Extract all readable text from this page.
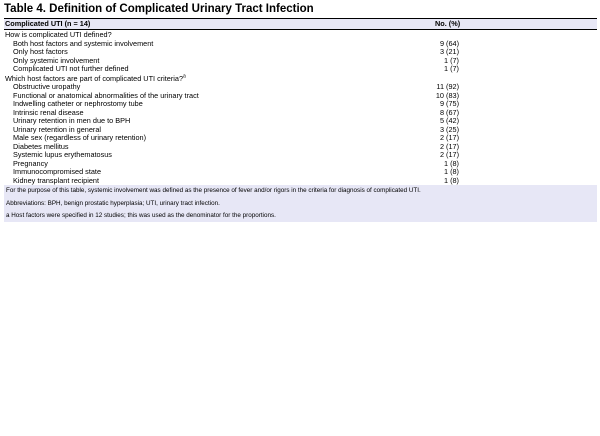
Table 4. Definition of Complicated Urinary Tract Infection
Complicated UTI (n = 14)	No. (%)
How is complicated UTI defined?	
Both host factors and systemic involvement	9 (64)
Only host factors	3 (21)
Only systemic involvement	1 (7)
Complicated UTI not further defined	1 (7)
Which host factors are part of complicated UTI criteria?$^a$
Obstructive uropathy	11 (92)
Functional or anatomical abnormalities of the urinary tract	10 (83)
Indwelling catheter or nephrostomy tube	9 (75)
Intrinsic renal disease	8 (67)
Urinary retention in men due to BPH	5 (42)
Urinary retention in general	3 (25)
Male sex (regardless of urinary retention)	2 (17)
Diabetes mellitus	2 (17)
Systemic lupus erythematosus	2 (17)
Pregnancy	1 (8)
Immunocompromised state	1 (8)
Kidney transplant recipient	1 (8)

For the purpose of this table, systemic involvement was defined as the presence of fever and/or rigors in the criteria for diagnosis of complicated UTI.

Abbreviations: BPH, benign prostatic hyperplasia; UTI, urinary tract infection.

a Host factors were specified in 12 studies; this was used as the denominator for the proportions.
